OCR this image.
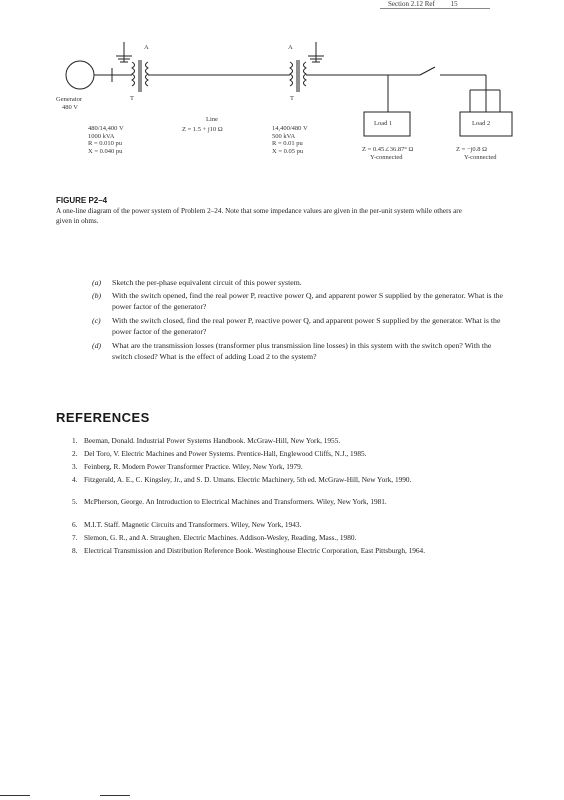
Section 2.12 Ref 15
Generator
480 V
A
T
A
T
480/14,400 V
1000 kVA
R = 0.010 pu
X = 0.040 pu
Line
Z = 1.5 + j10 Ω	14,400/480 V
500 kVA
R = 0.01 pu
X = 0.05 pu
Load 1
Z = 0.45∠36.87° Ω
Y-connected
Load 2
Z = −j0.8 Ω
Y-connected
FIGURE P2–4
A one-line diagram of the power system of Problem 2–24. Note that some impedance values are given in the per-unit system while others are given in ohms.
(a) Sketch the per-phase equivalent circuit of this power system.
(b) With the switch opened, find the real power P, reactive power Q, and apparent power S supplied by the generator. What is the power factor of the generator?
(c) With the switch closed, find the real power P, reactive power Q, and apparent power S supplied by the generator. What is the power factor of the generator?
(d) What are the transmission losses (transformer plus transmission line losses) in this system with the switch open? With the switch closed? What is the effect of adding Load 2 to the system?
REFERENCES
1. Beeman, Donald. Industrial Power Systems Handbook. McGraw-Hill, New York, 1955.
2. Del Toro, V. Electric Machines and Power Systems. Prentice-Hall, Englewood Cliffs, N.J., 1985.
3. Feinberg, R. Modern Power Transformer Practice. Wiley, New York, 1979.
4. Fitzgerald, A. E., C. Kingsley, Jr., and S. D. Umans. Electric Machinery, 5th ed. McGraw-Hill, New York, 1990.
5. McPherson, George. An Introduction to Electrical Machines and Transformers. Wiley, New York, 1981.
6. M.I.T. Staff. Magnetic Circuits and Transformers. Wiley, New York, 1943.
7. Slemon, G. R., and A. Straughen. Electric Machines. Addison-Wesley, Reading, Mass., 1980.
8. Electrical Transmission and Distribution Reference Book. Westinghouse Electric Corporation, East Pittsburgh, 1964.
